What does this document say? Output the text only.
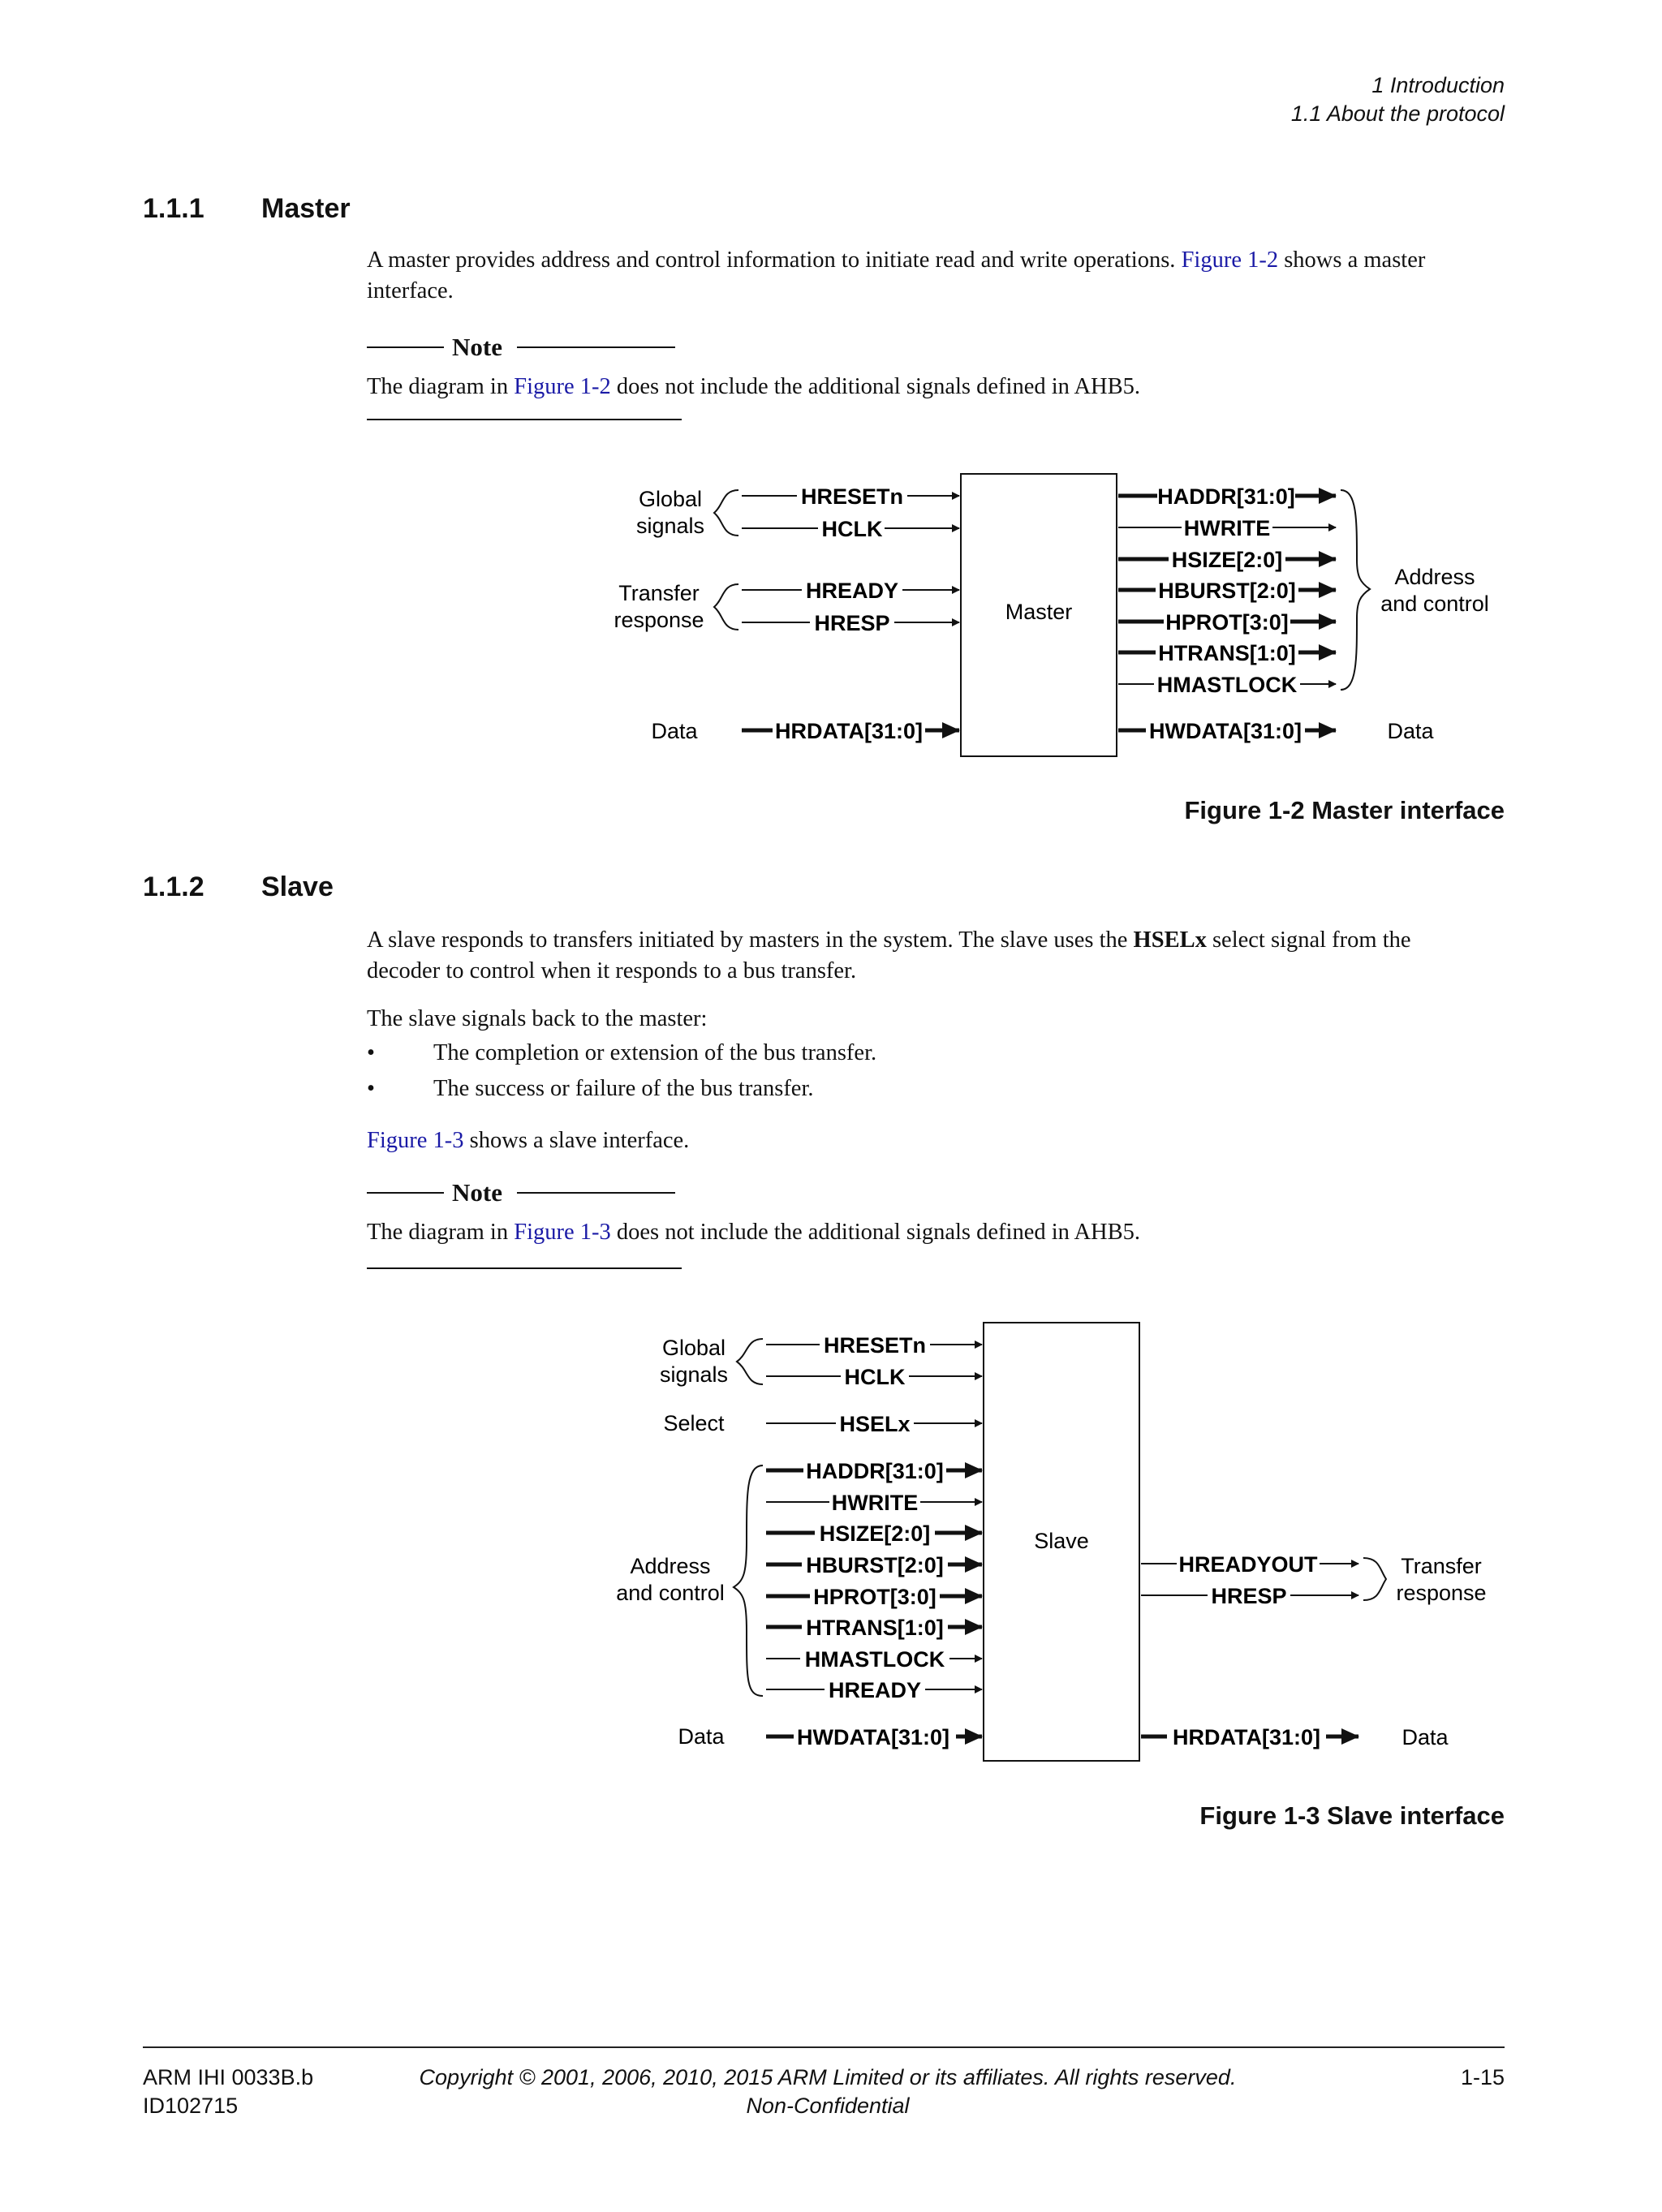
1 Introduction
1.1 About the protocol
1.1.1 Master
A master provides address and control information to initiate read and write operations. Figure 1-2 shows a master
interface.
Note
The diagram in Figure 1-2 does not include the additional signals defined in AHB5.
Master
Global
signals
Transfer
response
Data
HRESETn
HCLK
HREADY
HRESP
HRDATA[31:0]
HADDR[31:0]
HWRITE
HSIZE[2:0]
HBURST[2:0]
HPROT[3:0]
HTRANS[1:0]
HMASTLOCK
HWDATA[31:0]
Address
and control
Data
Figure 1-2 Master interface
1.1.2 Slave
A slave responds to transfers initiated by masters in the system. The slave uses the HSELx select signal from the
decoder to control when it responds to a bus transfer.
The slave signals back to the master:
•	The completion or extension of the bus transfer.
•	The success or failure of the bus transfer.
Figure 1-3 shows a slave interface.
Note
The diagram in Figure 1-3 does not include the additional signals defined in AHB5.
Slave
Global
signals
Select
Address
and control
Data
HRESETn
HCLK
HSELx
HADDR[31:0]
HWRITE
HSIZE[2:0]
HBURST[2:0]
HPROT[3:0]
HTRANS[1:0]
HMASTLOCK
HREADY
HWDATA[31:0]
HREADYOUT
HRESP
HRDATA[31:0]
Transfer
response
Data
Figure 1-3 Slave interface
ARM IHI 0033B.b
ID102715
Copyright © 2001, 2006, 2010, 2015 ARM Limited or its affiliates. All rights reserved.
Non-Confidential
1-15
